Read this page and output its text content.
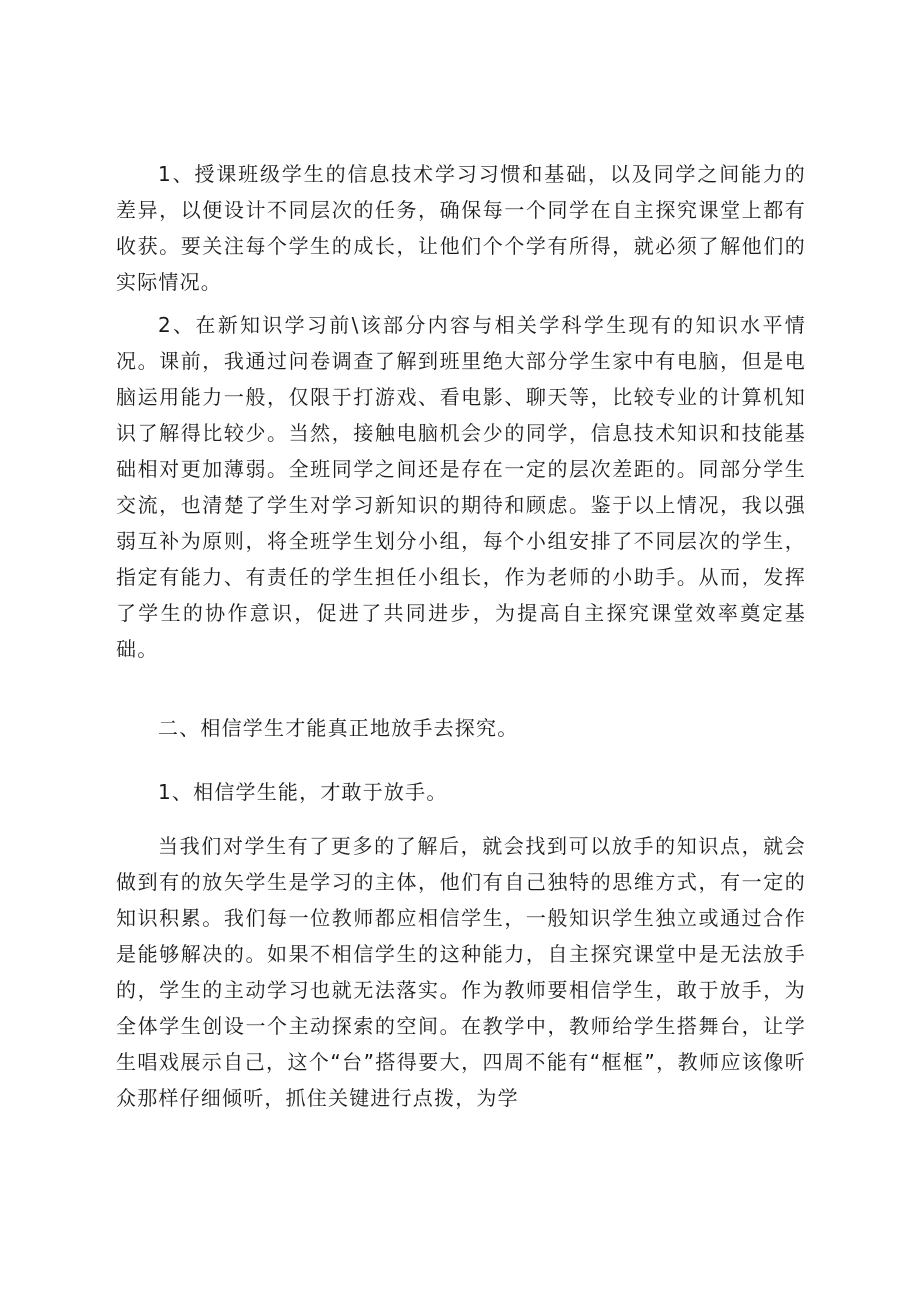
1、授课班级学生的信息技术学习习惯和基础，以及同学之间能力的差异，以便设计不同层次的任务，确保每一个同学在自主探究课堂上都有收获。要关注每个学生的成长，让他们个个学有所得，就必须了解他们的实际情况。

2、在新知识学习前\该部分内容与相关学科学生现有的知识水平情况。课前，我通过问卷调查了解到班里绝大部分学生家中有电脑，但是电脑运用能力一般，仅限于打游戏、看电影、聊天等，比较专业的计算机知识了解得比较少。当然，接触电脑机会少的同学，信息技术知识和技能基础相对更加薄弱。全班同学之间还是存在一定的层次差距的。同部分学生交流，也清楚了学生对学习新知识的期待和顾虑。鉴于以上情况，我以强弱互补为原则，将全班学生划分小组，每个小组安排了不同层次的学生，指定有能力、有责任的学生担任小组长，作为老师的小助手。从而，发挥了学生的协作意识，促进了共同进步，为提高自主探究课堂效率奠定基础。

二、相信学生才能真正地放手去探究。

1、相信学生能，才敢于放手。

当我们对学生有了更多的了解后，就会找到可以放手的知识点，就会做到有的放矢学生是学习的主体，他们有自己独特的思维方式，有一定的知识积累。我们每一位教师都应相信学生，一般知识学生独立或通过合作是能够解决的。如果不相信学生的这种能力，自主探究课堂中是无法放手的，学生的主动学习也就无法落实。作为教师要相信学生，敢于放手，为全体学生创设一个主动探索的空间。在教学中，教师给学生搭舞台，让学生唱戏展示自己，这个“台”搭得要大，四周不能有“框框”，教师应该像听众那样仔细倾听，抓住关键进行点拨，为学
